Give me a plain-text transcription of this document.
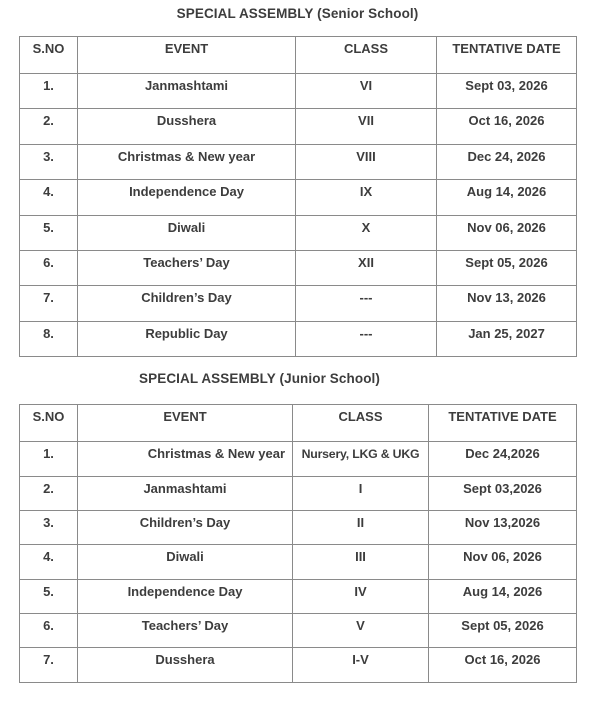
SPECIAL ASSEMBLY (Senior School)
S.NO	EVENT	CLASS	TENTATIVE DATE
1.	Janmashtami	VI	Sept 03, 2026
2.	Dusshera	VII	Oct 16, 2026
3.	Christmas & New year	VIII	Dec 24, 2026
4.	Independence Day	IX	Aug 14, 2026
5.	Diwali	X	Nov 06, 2026
6.	Teachers’ Day	XII	Sept 05, 2026
7.	Children’s Day	---	Nov 13, 2026
8.	Republic Day	---	Jan 25, 2027
SPECIAL ASSEMBLY (Junior School)
S.NO	EVENT	CLASS	TENTATIVE DATE
1.	Christmas & New year	Nursery, LKG & UKG	Dec 24,2026
2.	Janmashtami	I	Sept 03,2026
3.	Children’s Day	II	Nov 13,2026
4.	Diwali	III	Nov 06, 2026
5.	Independence Day	IV	Aug 14, 2026
6.	Teachers’ Day	V	Sept 05, 2026
7.	Dusshera	I-V	Oct 16, 2026
